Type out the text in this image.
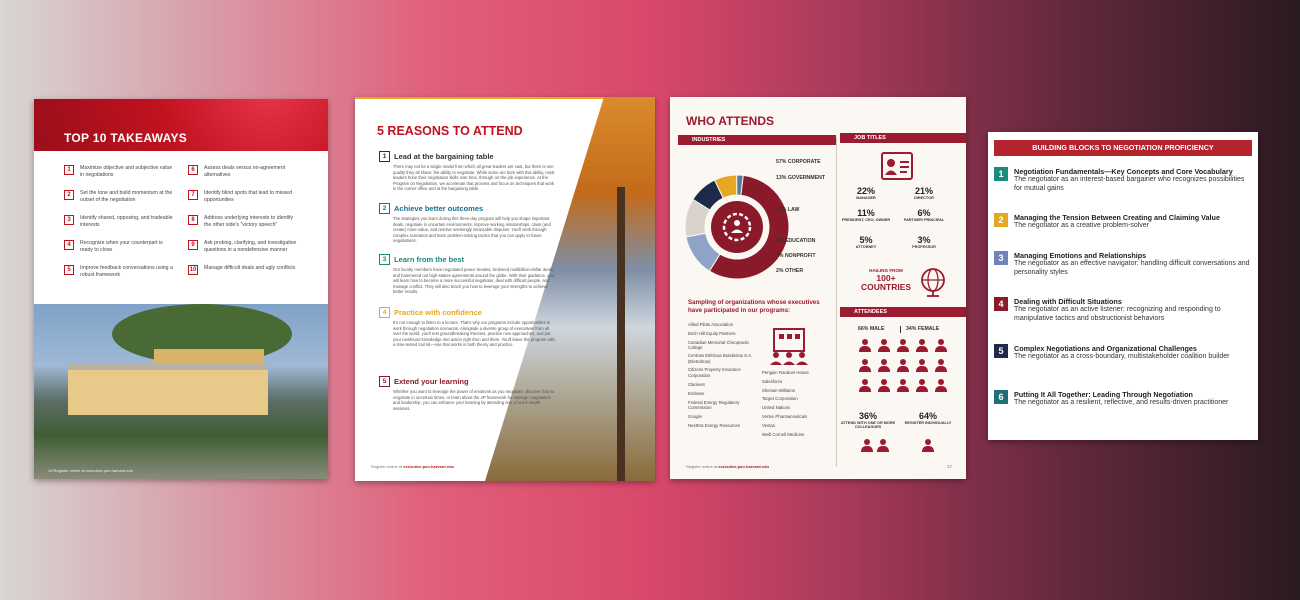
TOP 10 TAKEAWAYS
1	Maximize objective and subjective value in negotiations
2	Set the tone and build momentum at the outset of the negotiation
3	Identify shared, opposing, and tradeable interests
4	Recognize when your counterpart is ready to close
5	Improve feedback conversations using a robust framework
6	Assess deals versus no-agreement alternatives
7	Identify blind spots that lead to missed opportunities
8	Address underlying interests to identify the other side's "victory speech"
9	Ask probing, clarifying, and investigative questions in a nondefensive manner
10	Manage difficult deals and ugly conflicts
10 Register online at executive.pon.harvard.edu
5 REASONS TO ATTEND
1	Lead at the bargaining table
There may not be a single model from which all great leaders are cast, but there is one quality they all share: the ability to negotiate. While some are born with this ability, most leaders hone their negotiation skills over time, through on-the-job experience. At the Program on Negotiation, we accelerate that process and focus on techniques that work in the corner office and at the bargaining table.
2	Achieve better outcomes
The strategies you learn during this three-day program will help you shape important deals, negotiate in uncertain environments, improve working relationships, claim (and create) more value, and resolve seemingly intractable disputes. You'll work through complex scenarios and learn problem-solving tactics that you can apply to future negotiations.
3	Learn from the best
Our faculty members have negotiated peace treaties, brokered multibillion-dollar deals, and hammered out high-stakes agreements around the globe. With their guidance, you will learn how to become a more successful negotiator, deal with difficult people, and manage conflict. They will also teach you how to leverage your strengths to achieve better results.
4	Practice with confidence
It's not enough to listen to a lecture. That's why our programs include opportunities to work through negotiation scenarios. Alongside a diverse group of executives from all over the world, you'll test groundbreaking theories, practice new approaches, and put your newfound knowledge into action right then and there. You'll leave the program with a time-tested tool kit—one that works in both theory and practice.
5	Extend your learning
Whether you want to leverage the power of emotions as you negotiate, discover how to negotiate in uncertain times, or learn about the 4P framework for strategic negotiation and leadership, you can enhance your learning by attending one of our in-depth sessions.
Register online at executive.pon.harvard.edu
WHO ATTENDS
INDUSTRIES	JOB TITLES
57% CORPORATE
13% GOVERNMENT
12% LAW
9% EDUCATION
7% NONPROFIT
2% OTHER
Sampling of organizations whose executives have participated in our programs:
Allied Pilots Association
Birch Hill Equity Partners
Canadian Memorial Chiropractic College
Centrais Elétricas Brasileiras S.A. (Eletrobras)
Citizens Property Insurance Corporation
Clarivest
Embraer
Federal Energy Regulatory Commission
Google
NextEra Energy Resources
Penguin Random House
Salesforce
Sherwin-Williams
Target Corporation
United Nations
Vertex Pharmaceuticals
Vestas
Weill Cornell Medicine
22%
MANAGER
21%
DIRECTOR
11%
PRESIDENT, CEO, OWNER
6%
PARTNER/ PRINCIPAL
5%
ATTORNEY
3%
PROFESSOR
HAILING FROM
100+ COUNTRIES
ATTENDEES
66% MALE	34% FEMALE
36%
ATTEND WITH ONE OR MORE COLLEAGUES
64%
REGISTER INDIVIDUALLY
Register online at executive.pon.harvard.edu	17
BUILDING BLOCKS TO NEGOTIATION PROFICIENCY
1	Negotiation Fundamentals—Key Concepts and Core Vocabulary
The negotiator as an interest-based bargainer who recognizes possibilities for mutual gains
2	Managing the Tension Between Creating and Claiming Value
The negotiator as a creative problem-solver
3	Managing Emotions and Relationships
The negotiator as an effective navigator: handling difficult conversations and personality styles
4	Dealing with Difficult Situations
The negotiator as an active listener: recognizing and responding to manipulative tactics and obstructionist behaviors
5	Complex Negotiations and Organizational Challenges
The negotiator as a cross-boundary, multistakeholder coalition builder
6	Putting It All Together: Leading Through Negotiation
The negotiator as a resilient, reflective, and results-driven practitioner
